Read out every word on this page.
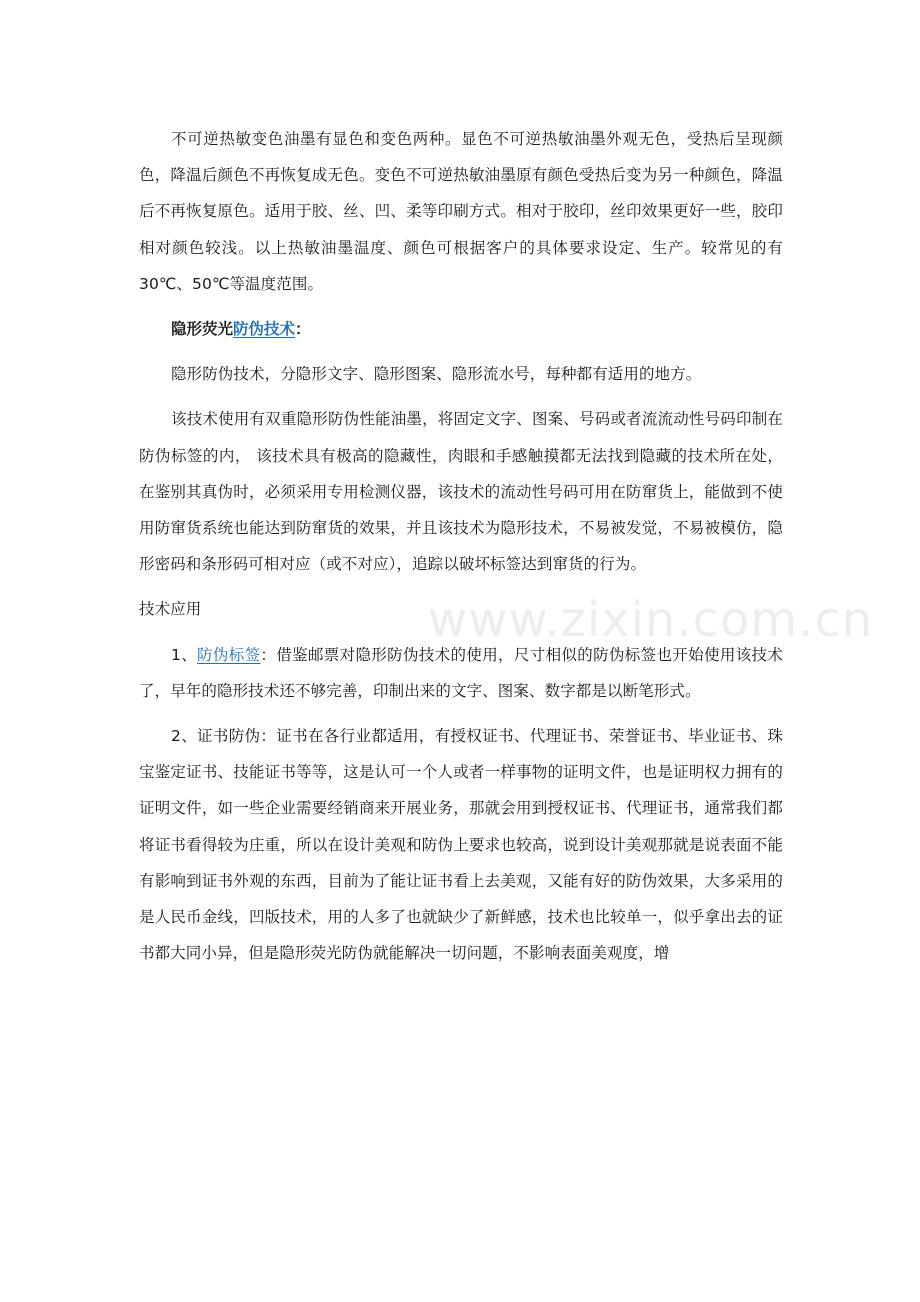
不可逆热敏变色油墨有显色和变色两种。显色不可逆热敏油墨外观无色，受热后呈现颜色，降温后颜色不再恢复成无色。变色不可逆热敏油墨原有颜色受热后变为另一种颜色，降温后不再恢复原色。适用于胶、丝、凹、柔等印刷方式。相对于胶印，丝印效果更好一些，胶印相对颜色较浅。以上热敏油墨温度、颜色可根据客户的具体要求设定、生产。较常见的有 30℃、50℃等温度范围。

隐形荧光防伪技术：

隐形防伪技术，分隐形文字、隐形图案、隐形流水号，每种都有适用的地方。

该技术使用有双重隐形防伪性能油墨，将固定文字、图案、号码或者流流动性号码印制在防伪标签的内， 该技术具有极高的隐藏性，肉眼和手感触摸都无法找到隐藏的技术所在处，在鉴别其真伪时，必须采用专用检测仪器，该技术的流动性号码可用在防窜货上，能做到不使用防窜货系统也能达到防窜货的效果，并且该技术为隐形技术，不易被发觉，不易被模仿，隐形密码和条形码可相对应（或不对应），追踪以破坏标签达到窜货的行为。

技术应用

1、防伪标签：借鉴邮票对隐形防伪技术的使用，尺寸相似的防伪标签也开始使用该技术了，早年的隐形技术还不够完善，印制出来的文字、图案、数字都是以断笔形式。

2、证书防伪：证书在各行业都适用，有授权证书、代理证书、荣誉证书、毕业证书、珠宝鉴定证书、技能证书等等，这是认可一个人或者一样事物的证明文件，也是证明权力拥有的证明文件，如一些企业需要经销商来开展业务，那就会用到授权证书、代理证书，通常我们都将证书看得较为庄重，所以在设计美观和防伪上要求也较高，说到设计美观那就是说表面不能有影响到证书外观的东西，目前为了能让证书看上去美观，又能有好的防伪效果，大多采用的是人民币金线，凹版技术，用的人多了也就缺少了新鲜感，技术也比较单一，似乎拿出去的证书都大同小异，但是隐形荧光防伪就能解决一切问题，不影响表面美观度，增

www.zixin.com.cn
